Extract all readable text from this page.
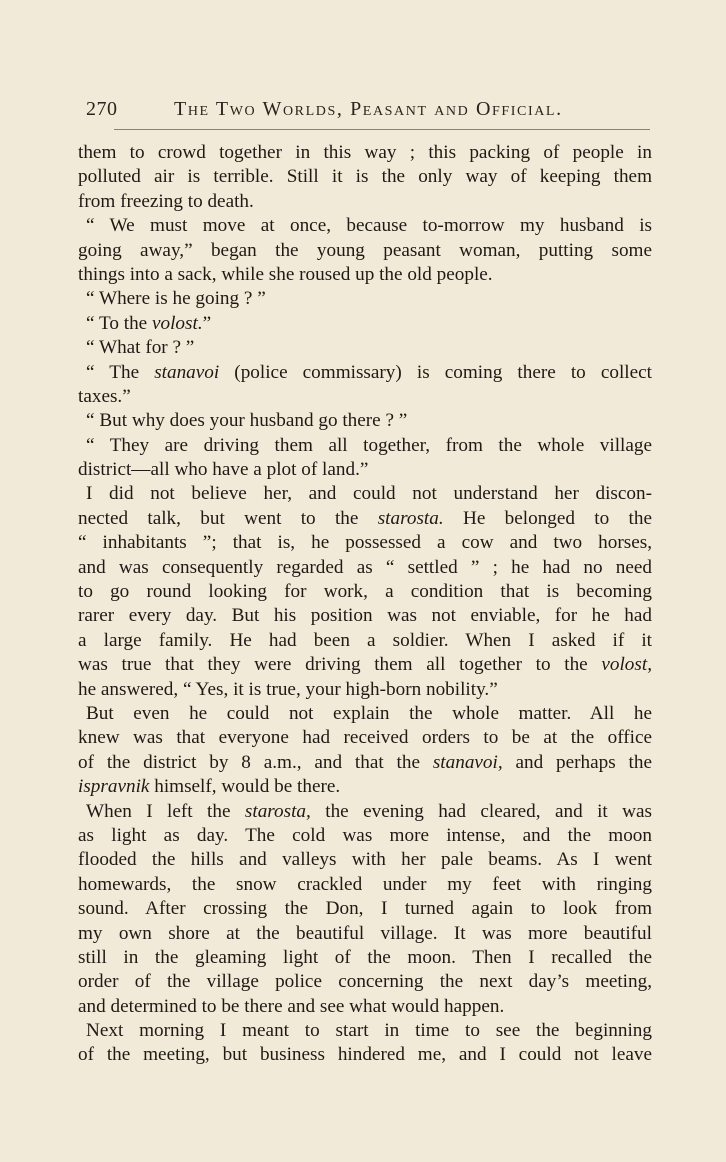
270	The Two Worlds, Peasant and Official.
them to crowd together in this way ; this packing of people in
polluted air is terrible. Still it is the only way of keeping them
from freezing to death.
“ We must move at once, because to-morrow my husband is
going away,” began the young peasant woman, putting some
things into a sack, while she roused up the old people.
“ Where is he going ? ”
“ To the volost.”
“ What for ? ”
“ The stanavoi (police commissary) is coming there to collect
taxes.”
“ But why does your husband go there ? ”
“ They are driving them all together, from the whole village
district—all who have a plot of land.”
I did not believe her, and could not understand her discon-
nected talk, but went to the starosta. He belonged to the
“ inhabitants ”; that is, he possessed a cow and two horses,
and was consequently regarded as “ settled ” ; he had no need
to go round looking for work, a condition that is becoming
rarer every day. But his position was not enviable, for he had
a large family. He had been a soldier. When I asked if it
was true that they were driving them all together to the volost,
he answered, “ Yes, it is true, your high-born nobility.”
But even he could not explain the whole matter. All he
knew was that everyone had received orders to be at the office
of the district by 8 a.m., and that the stanavoi, and perhaps the
ispravnik himself, would be there.
When I left the starosta, the evening had cleared, and it was
as light as day. The cold was more intense, and the moon
flooded the hills and valleys with her pale beams. As I went
homewards, the snow crackled under my feet with ringing
sound. After crossing the Don, I turned again to look from
my own shore at the beautiful village. It was more beautiful
still in the gleaming light of the moon. Then I recalled the
order of the village police concerning the next day’s meeting,
and determined to be there and see what would happen.
Next morning I meant to start in time to see the beginning
of the meeting, but business hindered me, and I could not leave
